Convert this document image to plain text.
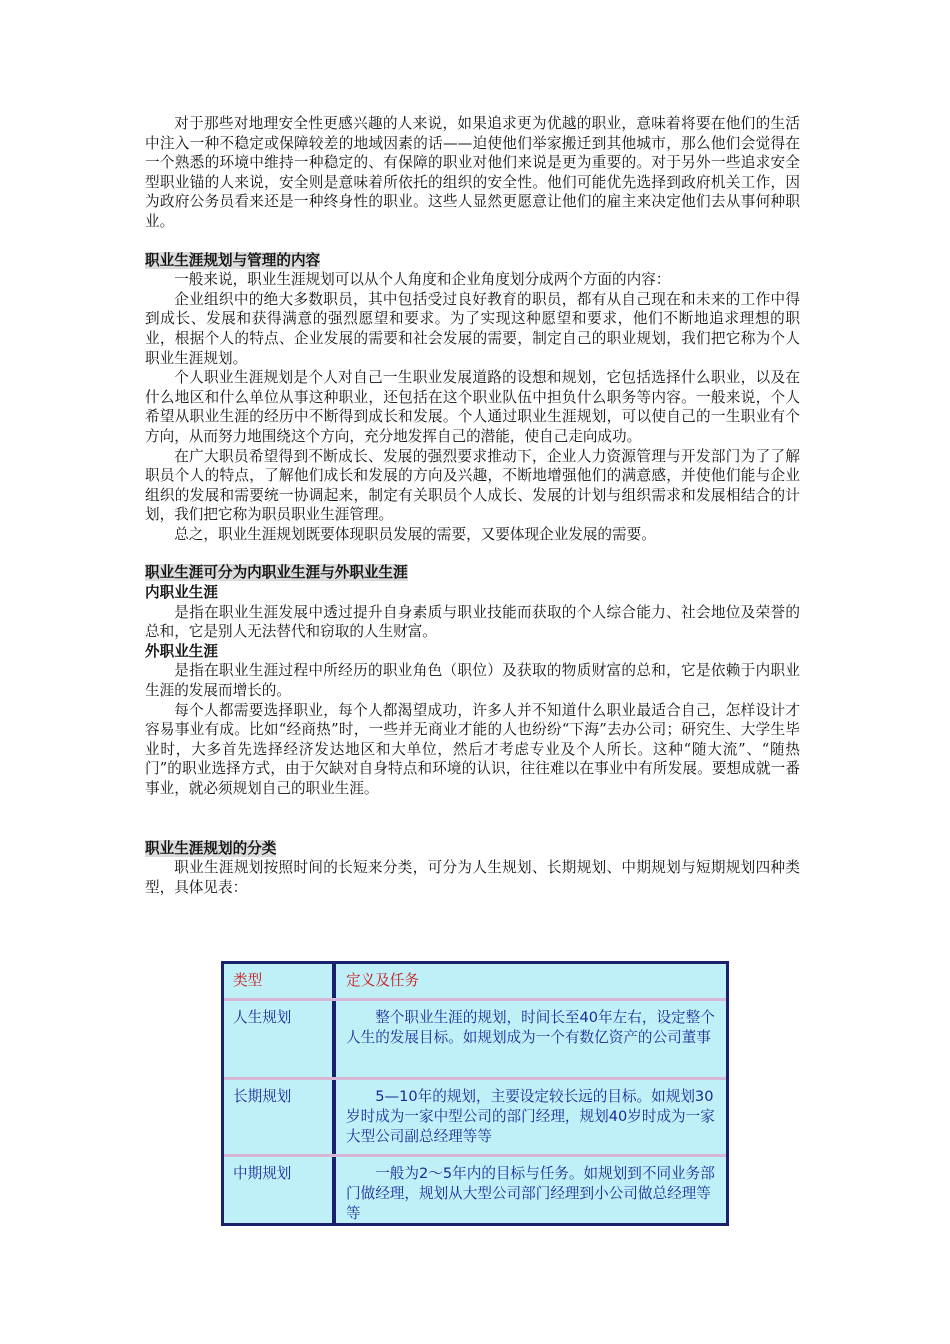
对于那些对地理安全性更感兴趣的人来说，如果追求更为优越的职业，意味着将要在他们的生活中注入一种不稳定或保障较差的地域因素的话——迫使他们举家搬迁到其他城市，那么他们会觉得在一个熟悉的环境中维持一种稳定的、有保障的职业对他们来说是更为重要的。对于另外一些追求安全型职业锚的人来说，安全则是意味着所依托的组织的安全性。他们可能优先选择到政府机关工作，因为政府公务员看来还是一种终身性的职业。这些人显然更愿意让他们的雇主来决定他们去从事何种职业。

职业生涯规划与管理的内容

一般来说，职业生涯规划可以从个人角度和企业角度划分成两个方面的内容：

企业组织中的绝大多数职员，其中包括受过良好教育的职员，都有从自己现在和未来的工作中得到成长、发展和获得满意的强烈愿望和要求。为了实现这种愿望和要求，他们不断地追求理想的职业，根据个人的特点、企业发展的需要和社会发展的需要，制定自己的职业规划，我们把它称为个人职业生涯规划。

个人职业生涯规划是个人对自己一生职业发展道路的设想和规划，它包括选择什么职业，以及在什么地区和什么单位从事这种职业，还包括在这个职业队伍中担负什么职务等内容。一般来说，个人希望从职业生涯的经历中不断得到成长和发展。个人通过职业生涯规划，可以使自己的一生职业有个方向，从而努力地围绕这个方向，充分地发挥自己的潜能，使自己走向成功。

在广大职员希望得到不断成长、发展的强烈要求推动下，企业人力资源管理与开发部门为了了解职员个人的特点，了解他们成长和发展的方向及兴趣，不断地增强他们的满意感，并使他们能与企业组织的发展和需要统一协调起来，制定有关职员个人成长、发展的计划与组织需求和发展相结合的计划，我们把它称为职员职业生涯管理。

总之，职业生涯规划既要体现职员发展的需要，又要体现企业发展的需要。

职业生涯可分为内职业生涯与外职业生涯
内职业生涯

是指在职业生涯发展中透过提升自身素质与职业技能而获取的个人综合能力、社会地位及荣誉的总和，它是别人无法替代和窃取的人生财富。

外职业生涯

是指在职业生涯过程中所经历的职业角色（职位）及获取的物质财富的总和，它是依赖于内职业生涯的发展而增长的。

每个人都需要选择职业，每个人都渴望成功，许多人并不知道什么职业最适合自己，怎样设计才容易事业有成。比如“经商热”时，一些并无商业才能的人也纷纷“下海”去办公司；研究生、大学生毕业时，大多首先选择经济发达地区和大单位，然后才考虑专业及个人所长。这种“随大流”、“随热门”的职业选择方式，由于欠缺对自身特点和环境的认识，往往难以在事业中有所发展。要想成就一番事业，就必须规划自己的职业生涯。

职业生涯规划的分类

职业生涯规划按照时间的长短来分类，可分为人生规划、长期规划、中期规划与短期规划四种类型，具体见表：

类型	定义及任务
人生规划	整个职业生涯的规划，时间长至40年左右，设定整个人生的发展目标。如规划成为一个有数亿资产的公司董事
长期规划	5—10年的规划，主要设定较长远的目标。如规划30岁时成为一家中型公司的部门经理，规划40岁时成为一家大型公司副总经理等等
中期规划	一般为2～5年内的目标与任务。如规划到不同业务部门做经理，规划从大型公司部门经理到小公司做总经理等等
